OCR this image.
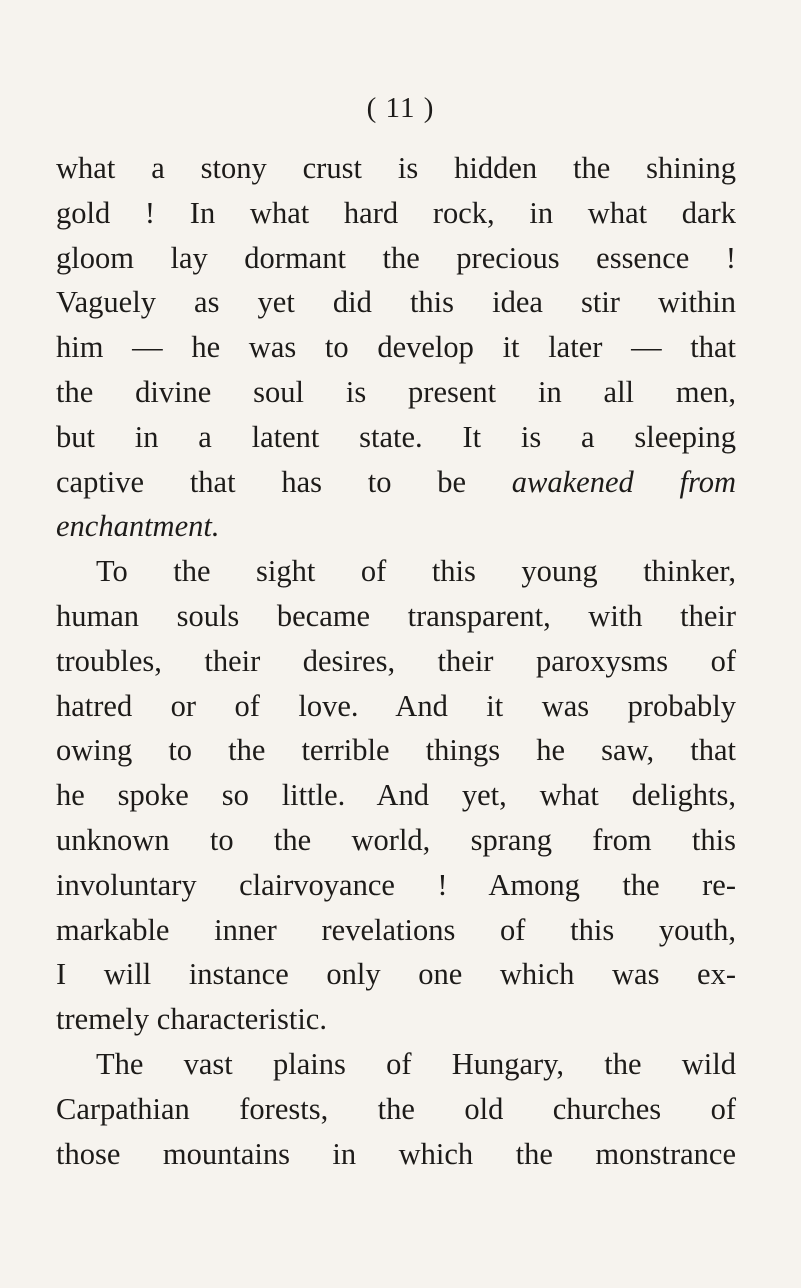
( 11 )
what a stony crust is hidden the shining
gold ! In what hard rock, in what dark
gloom lay dormant the precious essence !
Vaguely as yet did this idea stir within
him — he was to develop it later — that
the divine soul is present in all men,
but in a latent state. It is a sleeping
captive that has to be awakened from
enchantment.
To the sight of this young thinker,
human souls became transparent, with their
troubles, their desires, their paroxysms of
hatred or of love. And it was probably
owing to the terrible things he saw, that
he spoke so little. And yet, what delights,
unknown to the world, sprang from this
involuntary clairvoyance ! Among the re-
markable inner revelations of this youth,
I will instance only one which was ex-
tremely characteristic.
The vast plains of Hungary, the wild
Carpathian forests, the old churches of
those mountains in which the monstrance
